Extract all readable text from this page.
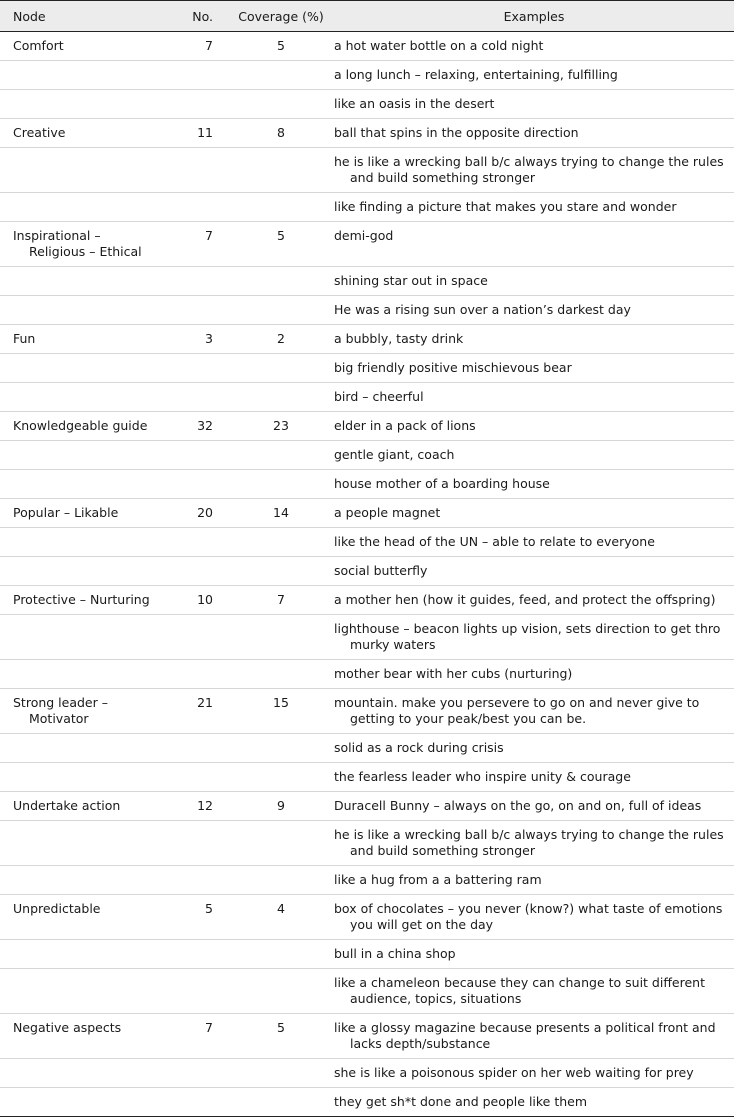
Node	No.	Coverage (%)	Examples

Comfort	7	5	a hot water bottle on a cold night

			a long lunch – relaxing, entertaining, fulfilling

			like an oasis in the desert

Creative	11	8	ball that spins in the opposite direction

			he is like a wrecking ball b/c always trying to change the rules and build something stronger

			like finding a picture that makes you stare and wonder

Inspirational – Religious – Ethical	7	5	demi-god

			shining star out in space

			He was a rising sun over a nation’s darkest day

Fun	3	2	a bubbly, tasty drink

			big friendly positive mischievous bear

			bird – cheerful

Knowledgeable guide	32	23	elder in a pack of lions

			gentle giant, coach

			house mother of a boarding house

Popular – Likable	20	14	a people magnet

			like the head of the UN – able to relate to everyone

			social butterfly

Protective – Nurturing	10	7	a mother hen (how it guides, feed, and protect the offspring)

			lighthouse – beacon lights up vision, sets direction to get thro murky waters

			mother bear with her cubs (nurturing)

Strong leader – Motivator	21	15	mountain. make you persevere to go on and never give to getting to your peak/best you can be.

			solid as a rock during crisis

			the fearless leader who inspire unity & courage

Undertake action	12	9	Duracell Bunny – always on the go, on and on, full of ideas

			he is like a wrecking ball b/c always trying to change the rules and build something stronger

			like a hug from a a battering ram

Unpredictable	5	4	box of chocolates – you never (know?) what taste of emotions you will get on the day

			bull in a china shop

			like a chameleon because they can change to suit different audience, topics, situations

Negative aspects	7	5	like a glossy magazine because presents a political front and lacks depth/substance

			she is like a poisonous spider on her web waiting for prey

			they get sh*t done and people like them
